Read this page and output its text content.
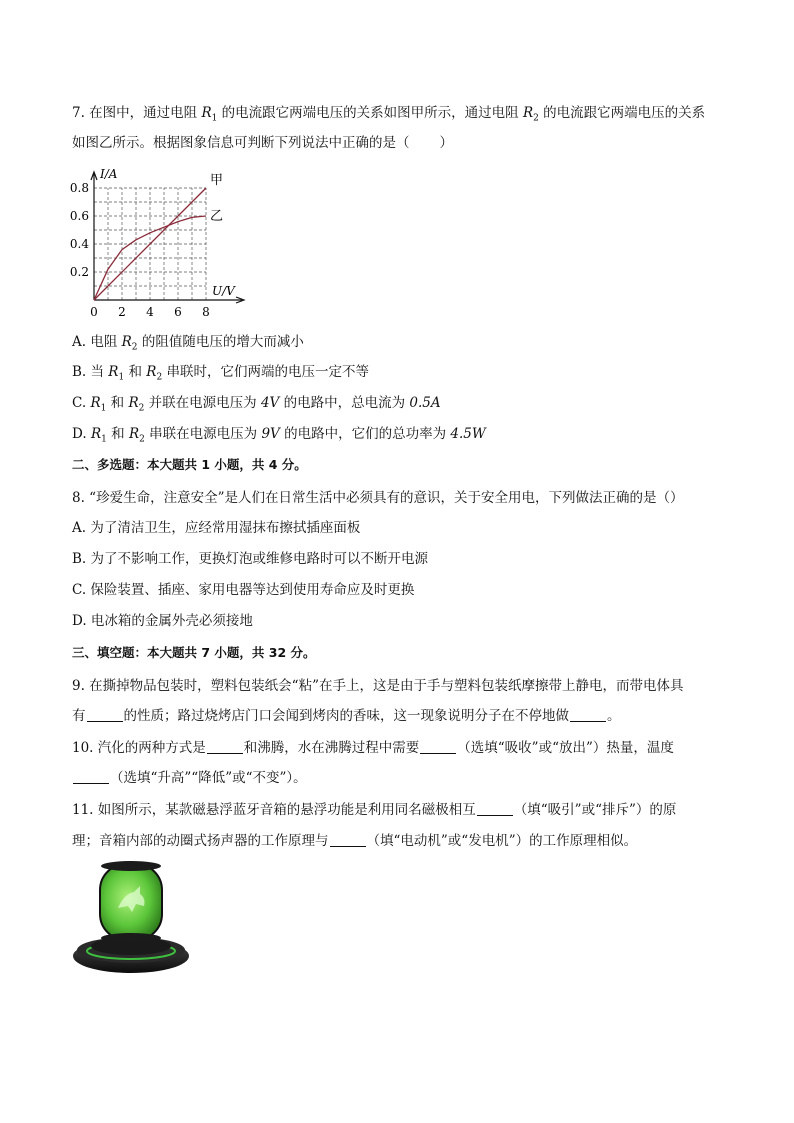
7. 在图中，通过电阻 $R_1$ 的电流跟它两端电压的关系如图甲所示，通过电阻 $R_2$ 的电流跟它两端电压的关系
如图乙所示。根据图象信息可判断下列说法中正确的是（ ）
0 2 4 6 8
0.2
0.4
0.6
0.8	甲
乙
I/A
U/V
A. 电阻 $R_2$ 的阻值随电压的增大而减小
B. 当 $R_1$ 和 $R_2$ 串联时，它们两端的电压一定不等
C. $R_1$ 和 $R_2$ 并联在电源电压为 4V 的电路中，总电流为 0.5A
D. $R_1$ 和 $R_2$ 串联在电源电压为 9V 的电路中，它们的总功率为 4.5W
二、多选题：本大题共 1 小题，共 4 分。
8. “珍爱生命，注意安全”是人们在日常生活中必须具有的意识，关于安全用电，下列做法正确的是（）
A. 为了清洁卫生，应经常用湿抹布擦拭插座面板
B. 为了不影响工作，更换灯泡或维修电路时可以不断开电源
C. 保险装置、插座、家用电器等达到使用寿命应及时更换
D. 电冰箱的金属外壳必须接地
三、填空题：本大题共 7 小题，共 32 分。
9. 在撕掉物品包装时，塑料包装纸会“粘”在手上，这是由于手与塑料包装纸摩擦带上静电，而带电体具
有	的性质；路过烧烤店门口会闻到烤肉的香味，这一现象说明分子在不停地做	。
10. 汽化的两种方式是	和沸腾，水在沸腾过程中需要	（选填“吸收”或“放出”）热量，温度
（选填“升高”“降低”或“不变”）。
11. 如图所示，某款磁悬浮蓝牙音箱的悬浮功能是利用同名磁极相互	（填“吸引”或“排斥”）的原
理；音箱内部的动圈式扬声器的工作原理与	（填“电动机”或“发电机”）的工作原理相似。
